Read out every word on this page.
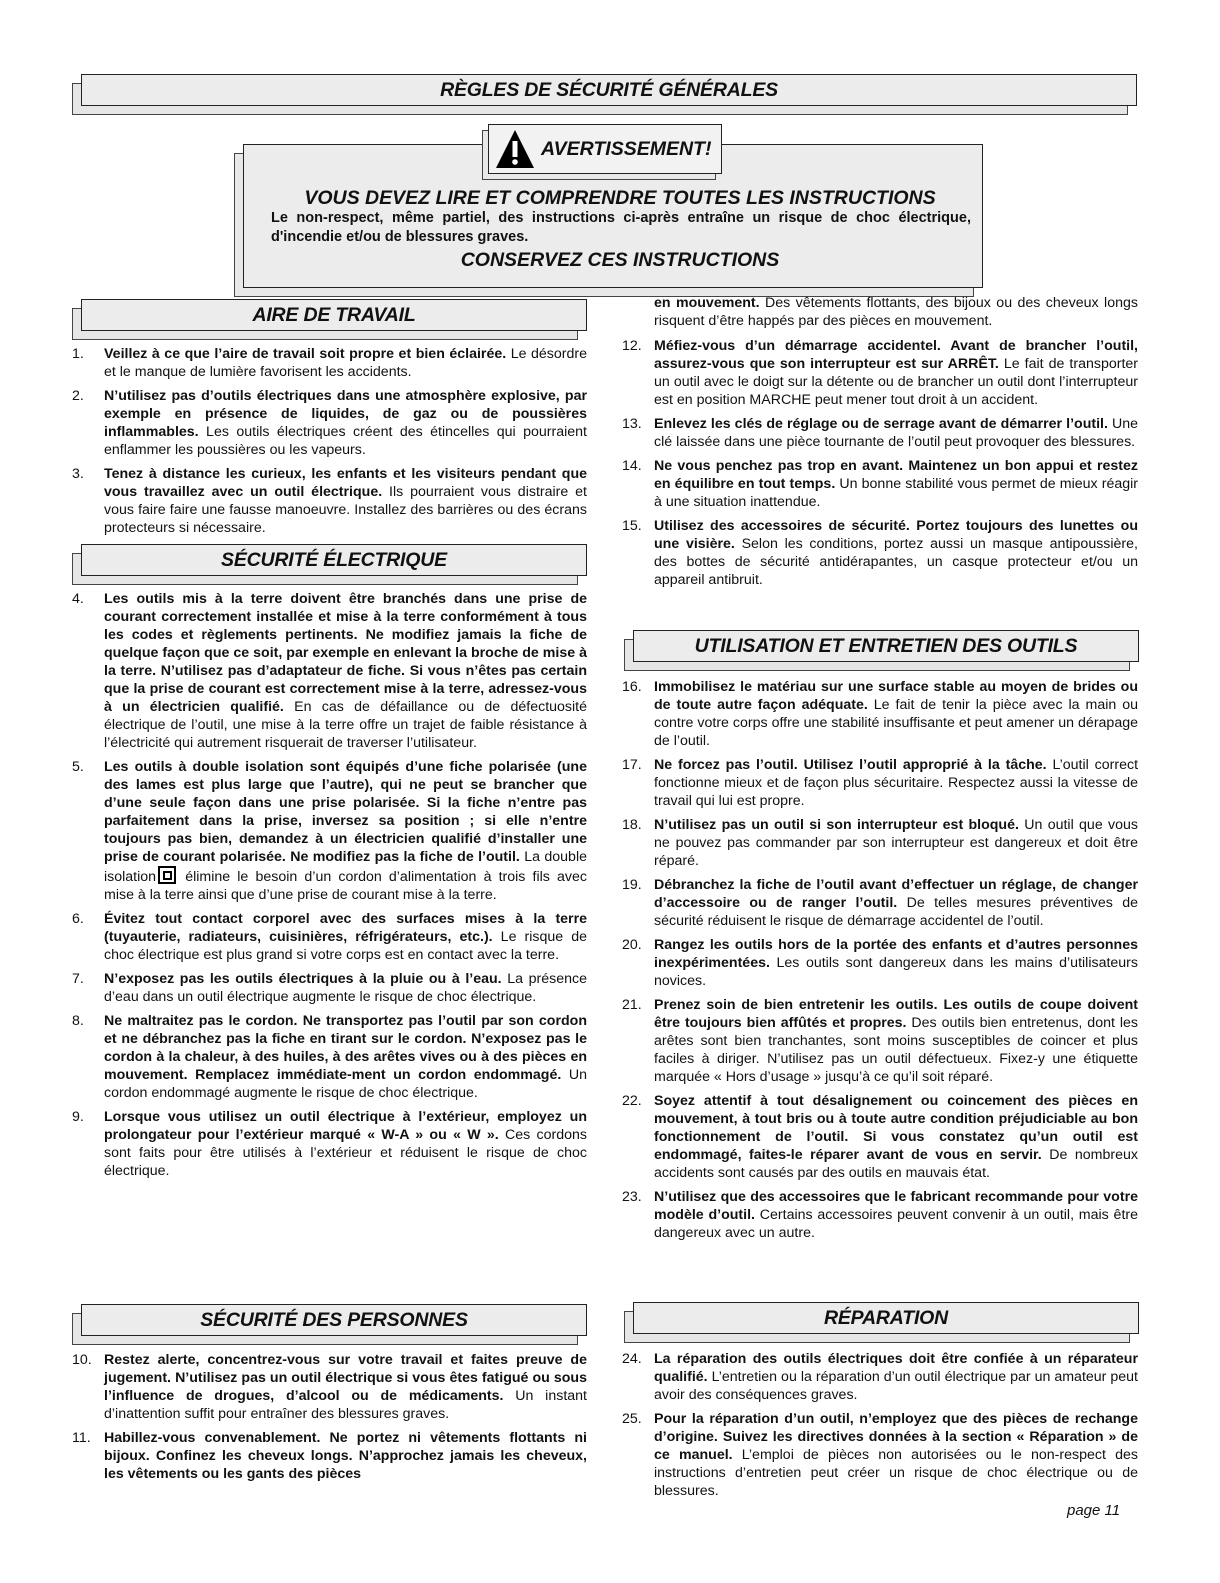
RÈGLES DE SÉCURITÉ GÉNÉRALES
AVERTISSEMENT!
VOUS DEVEZ LIRE ET COMPRENDRE TOUTES LES INSTRUCTIONS
Le non-respect, même partiel, des instructions ci-après entraîne un risque de choc électrique, d'incendie et/ou de blessures graves.
CONSERVEZ CES INSTRUCTIONS
AIRE DE TRAVAIL
SÉCURITÉ ÉLECTRIQUE
SÉCURITÉ DES PERSONNES
UTILISATION ET ENTRETIEN DES OUTILS
RÉPARATION
1.	Veillez à ce que l’aire de travail soit propre et bien éclairée. Le désordre et le manque de lumière favorisent les accidents.
2.	N’utilisez pas d’outils électriques dans une atmosphère explosive, par exemple en présence de liquides, de gaz ou de poussières inflammables. Les outils électriques créent des étincelles qui pourraient enflammer les poussières ou les vapeurs.
3.	Tenez à distance les curieux, les enfants et les visiteurs pendant que vous travaillez avec un outil électrique. Ils pourraient vous distraire et vous faire faire une fausse manoeuvre. Installez des barrières ou des écrans protecteurs si nécessaire.
4.	Les outils mis à la terre doivent être branchés dans une prise de courant correctement installée et mise à la terre conformément à tous les codes et règlements pertinents. Ne modifiez jamais la fiche de quelque façon que ce soit, par exemple en enlevant la broche de mise à la terre. N’utilisez pas d’adaptateur de fiche. Si vous n’êtes pas certain que la prise de courant est correctement mise à la terre, adressez-vous à un électricien qualifié. En cas de défaillance ou de défectuosité électrique de l’outil, une mise à la terre offre un trajet de faible résistance à l’électricité qui autrement risquerait de traverser l’utilisateur.
5.	Les outils à double isolation sont équipés d’une fiche polarisée (une des lames est plus large que l’autre), qui ne peut se brancher que d’une seule façon dans une prise polarisée. Si la fiche n’entre pas parfaitement dans la prise, inversez sa position ; si elle n’entre toujours pas bien, demandez à un électricien qualifié d’installer une prise de courant polarisée. Ne modifiez pas la fiche de l’outil. La double isolation élimine le besoin d’un cordon d’alimentation à trois fils avec mise à la terre ainsi que d’une prise de courant mise à la terre.
6.	Évitez tout contact corporel avec des surfaces mises à la terre (tuyauterie, radiateurs, cuisinières, réfrigérateurs, etc.). Le risque de choc électrique est plus grand si votre corps est en contact avec la terre.
7.	N’exposez pas les outils électriques à la pluie ou à l’eau. La présence d’eau dans un outil électrique augmente le risque de choc électrique.
8.	Ne maltraitez pas le cordon. Ne transportez pas l’outil par son cordon et ne débranchez pas la fiche en tirant sur le cordon. N’exposez pas le cordon à la chaleur, à des huiles, à des arêtes vives ou à des pièces en mouvement. Remplacez immédiate-ment un cordon endommagé. Un cordon endommagé augmente le risque de choc électrique.
9.	Lorsque vous utilisez un outil électrique à l’extérieur, employez un prolongateur pour l’extérieur marqué « W-A » ou « W ». Ces cordons sont faits pour être utilisés à l’extérieur et réduisent le risque de choc électrique.
10. Restez alerte, concentrez-vous sur votre travail et faites preuve de jugement. N’utilisez pas un outil électrique si vous êtes fatigué ou sous l’influence de drogues, d’alcool ou de médicaments. Un instant d’inattention suffit pour entraîner des blessures graves.
11. Habillez-vous convenablement. Ne portez ni vêtements flottants ni bijoux. Confinez les cheveux longs. N’approchez jamais les cheveux, les vêtements ou les gants des pièces
en mouvement. Des vêtements flottants, des bijoux ou des cheveux longs risquent d’être happés par des pièces en mouvement.
12. Méfiez-vous d’un démarrage accidentel. Avant de brancher l’outil, assurez-vous que son interrupteur est sur ARRÊT. Le fait de transporter un outil avec le doigt sur la détente ou de brancher un outil dont l’interrupteur est en position MARCHE peut mener tout droit à un accident.
13. Enlevez les clés de réglage ou de serrage avant de démarrer l’outil. Une clé laissée dans une pièce tournante de l’outil peut provoquer des blessures.
14. Ne vous penchez pas trop en avant. Maintenez un bon appui et restez en équilibre en tout temps. Un bonne stabilité vous permet de mieux réagir à une situation inattendue.
15. Utilisez des accessoires de sécurité. Portez toujours des lunettes ou une visière. Selon les conditions, portez aussi un masque antipoussière, des bottes de sécurité antidérapantes, un casque protecteur et/ou un appareil antibruit.
16. Immobilisez le matériau sur une surface stable au moyen de brides ou de toute autre façon adéquate. Le fait de tenir la pièce avec la main ou contre votre corps offre une stabilité insuffisante et peut amener un dérapage de l’outil.
17. Ne forcez pas l’outil. Utilisez l’outil approprié à la tâche. L’outil correct fonctionne mieux et de façon plus sécuritaire. Respectez aussi la vitesse de travail qui lui est propre.
18. N’utilisez pas un outil si son interrupteur est bloqué. Un outil que vous ne pouvez pas commander par son interrupteur est dangereux et doit être réparé.
19. Débranchez la fiche de l’outil avant d’effectuer un réglage, de changer d’accessoire ou de ranger l’outil. De telles mesures préventives de sécurité réduisent le risque de démarrage accidentel de l’outil.
20. Rangez les outils hors de la portée des enfants et d’autres personnes inexpérimentées. Les outils sont dangereux dans les mains d’utilisateurs novices.
21. Prenez soin de bien entretenir les outils. Les outils de coupe doivent être toujours bien affûtés et propres. Des outils bien entretenus, dont les arêtes sont bien tranchantes, sont moins susceptibles de coincer et plus faciles à diriger. N’utilisez pas un outil défectueux. Fixez-y une étiquette marquée « Hors d’usage » jusqu’à ce qu’il soit réparé.
22. Soyez attentif à tout désalignement ou coincement des pièces en mouvement, à tout bris ou à toute autre condition préjudiciable au bon fonctionnement de l’outil. Si vous constatez qu’un outil est endommagé, faites-le réparer avant de vous en servir. De nombreux accidents sont causés par des outils en mauvais état.
23. N’utilisez que des accessoires que le fabricant recommande pour votre modèle d’outil. Certains accessoires peuvent convenir à un outil, mais être dangereux avec un autre.
24. La réparation des outils électriques doit être confiée à un réparateur qualifié. L’entretien ou la réparation d’un outil électrique par un amateur peut avoir des conséquences graves.
25. Pour la réparation d’un outil, n’employez que des pièces de rechange d’origine. Suivez les directives données à la section « Réparation » de ce manuel. L’emploi de pièces non autorisées ou le non-respect des instructions d’entretien peut créer un risque de choc électrique ou de blessures.
page 11
